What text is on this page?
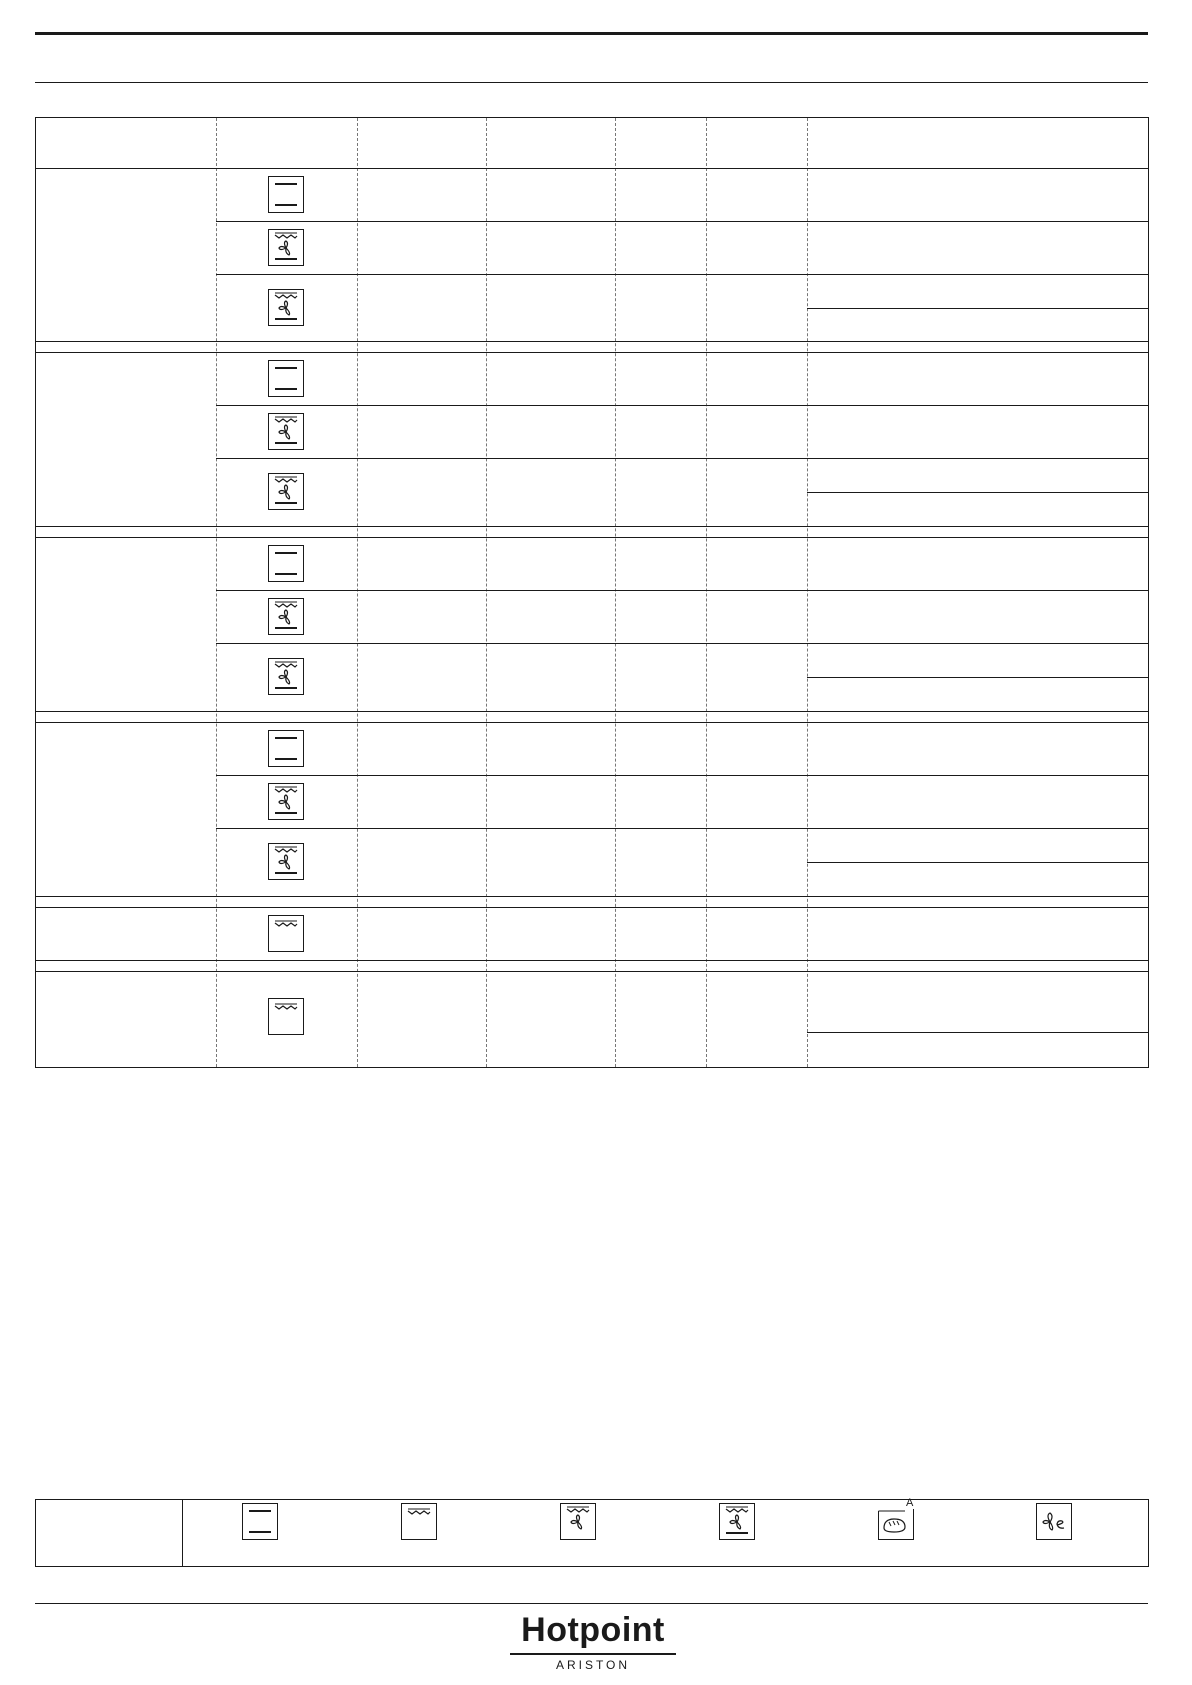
A
Hotpoint
ARISTON
